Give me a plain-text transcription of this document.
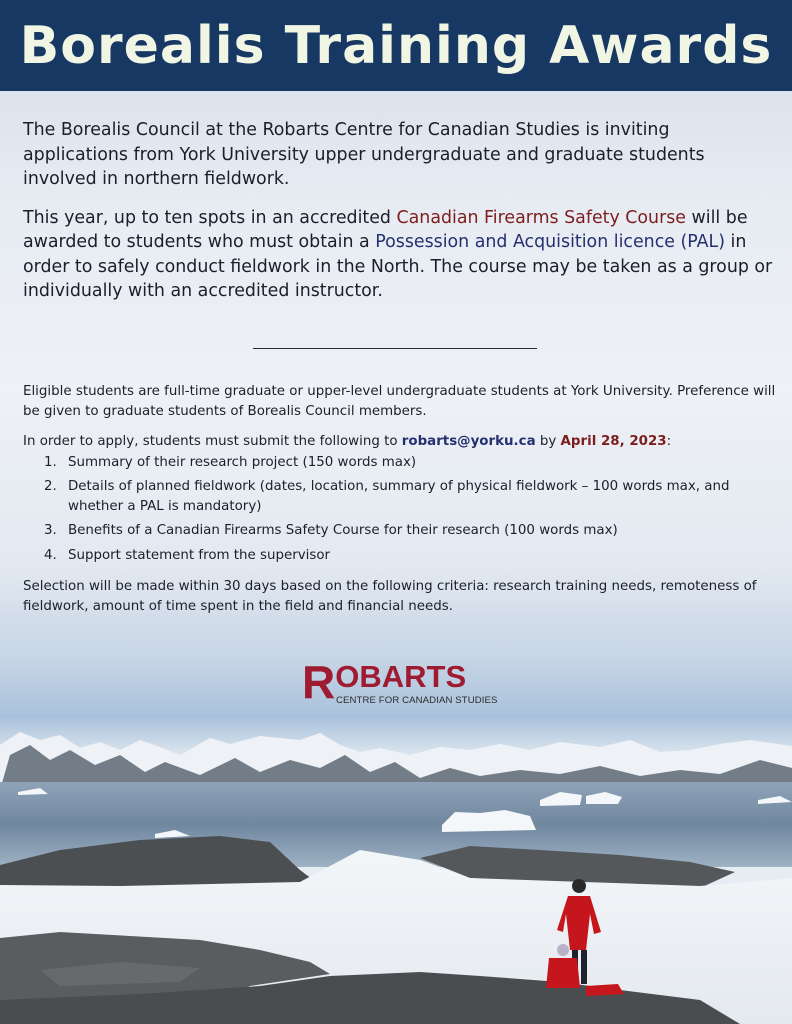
Borealis Training Awards

The Borealis Council at the Robarts Centre for Canadian Studies is inviting applications from York University upper undergraduate and graduate students involved in northern fieldwork.

This year, up to ten spots in an accredited Canadian Firearms Safety Course will be awarded to students who must obtain a Possession and Acquisition licence (PAL) in order to safely conduct fieldwork in the North. The course may be taken as a group or individually with an accredited instructor.

Eligible students are full-time graduate or upper-level undergraduate students at York University. Preference will be given to graduate students of Borealis Council members.

In order to apply, students must submit the following to robarts@yorku.ca by April 28, 2023:

1. Summary of their research project (150 words max)
2. Details of planned fieldwork (dates, location, summary of physical fieldwork – 100 words max, and whether a PAL is mandatory)
3. Benefits of a Canadian Firearms Safety Course for their research (100 words max)
4. Support statement from the supervisor

Selection will be made within 30 days based on the following criteria: research training needs, remoteness of fieldwork, amount of time spent in the field and financial needs.

ROBARTS
CENTRE FOR CANADIAN STUDIES
